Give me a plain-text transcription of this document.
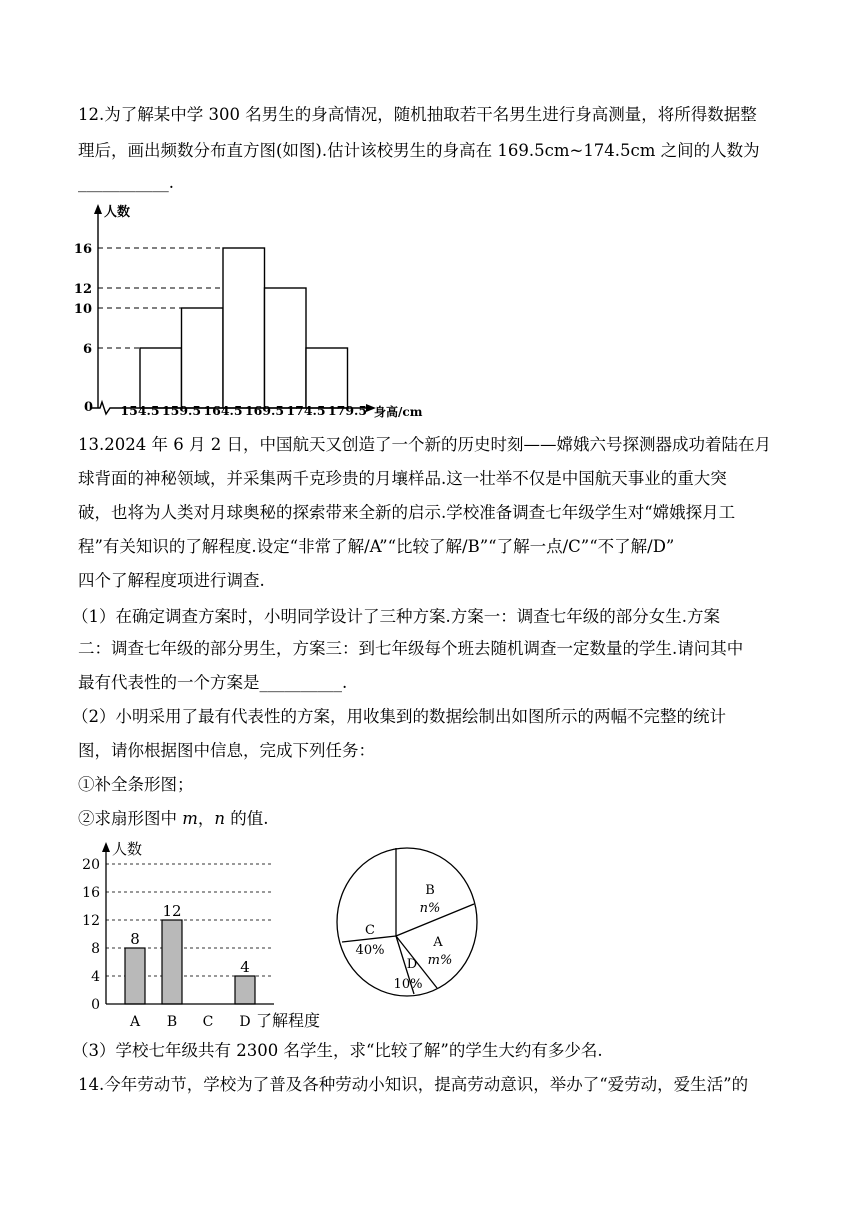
12.为了解某中学 300 名男生的身高情况，随机抽取若干名男生进行身高测量，将所得数据整
理后，画出频数分布直方图(如图).估计该校男生的身高在 169.5cm~174.5cm 之间的人数为
___________.
人数
身高/cm
0
6
10
12
16
154.5 159.5 164.5 169.5 174.5 179.5
13.2024 年 6 月 2 日，中国航天又创造了一个新的历史时刻——嫦娥六号探测器成功着陆在月
球背面的神秘领域，并采集两千克珍贵的月壤样品.这一壮举不仅是中国航天事业的重大突
破，也将为人类对月球奥秘的探索带来全新的启示.学校准备调查七年级学生对“嫦娥探月工
程”有关知识的了解程度.设定“非常了解/A”“比较了解/B”“了解一点/C”“不了解/D”
四个了解程度项进行调查.
（1）在确定调查方案时，小明同学设计了三种方案.方案一：调查七年级的部分女生.方案
二：调查七年级的部分男生，方案三：到七年级每个班去随机调查一定数量的学生.请问其中
最有代表性的一个方案是__________.
（2）小明采用了最有代表性的方案，用收集到的数据绘制出如图所示的两幅不完整的统计
图，请你根据图中信息，完成下列任务：
①补全条形图；
②求扇形图中 m，n 的值.
0
4
8
12
16
20
A B C D
8
12
4
人数
了解程度
B
n%
A
m%
D
10%
C
40%
（3）学校七年级共有 2300 名学生，求“比较了解”的学生大约有多少名.
14.今年劳动节，学校为了普及各种劳动小知识，提高劳动意识，举办了“爱劳动，爱生活”的
